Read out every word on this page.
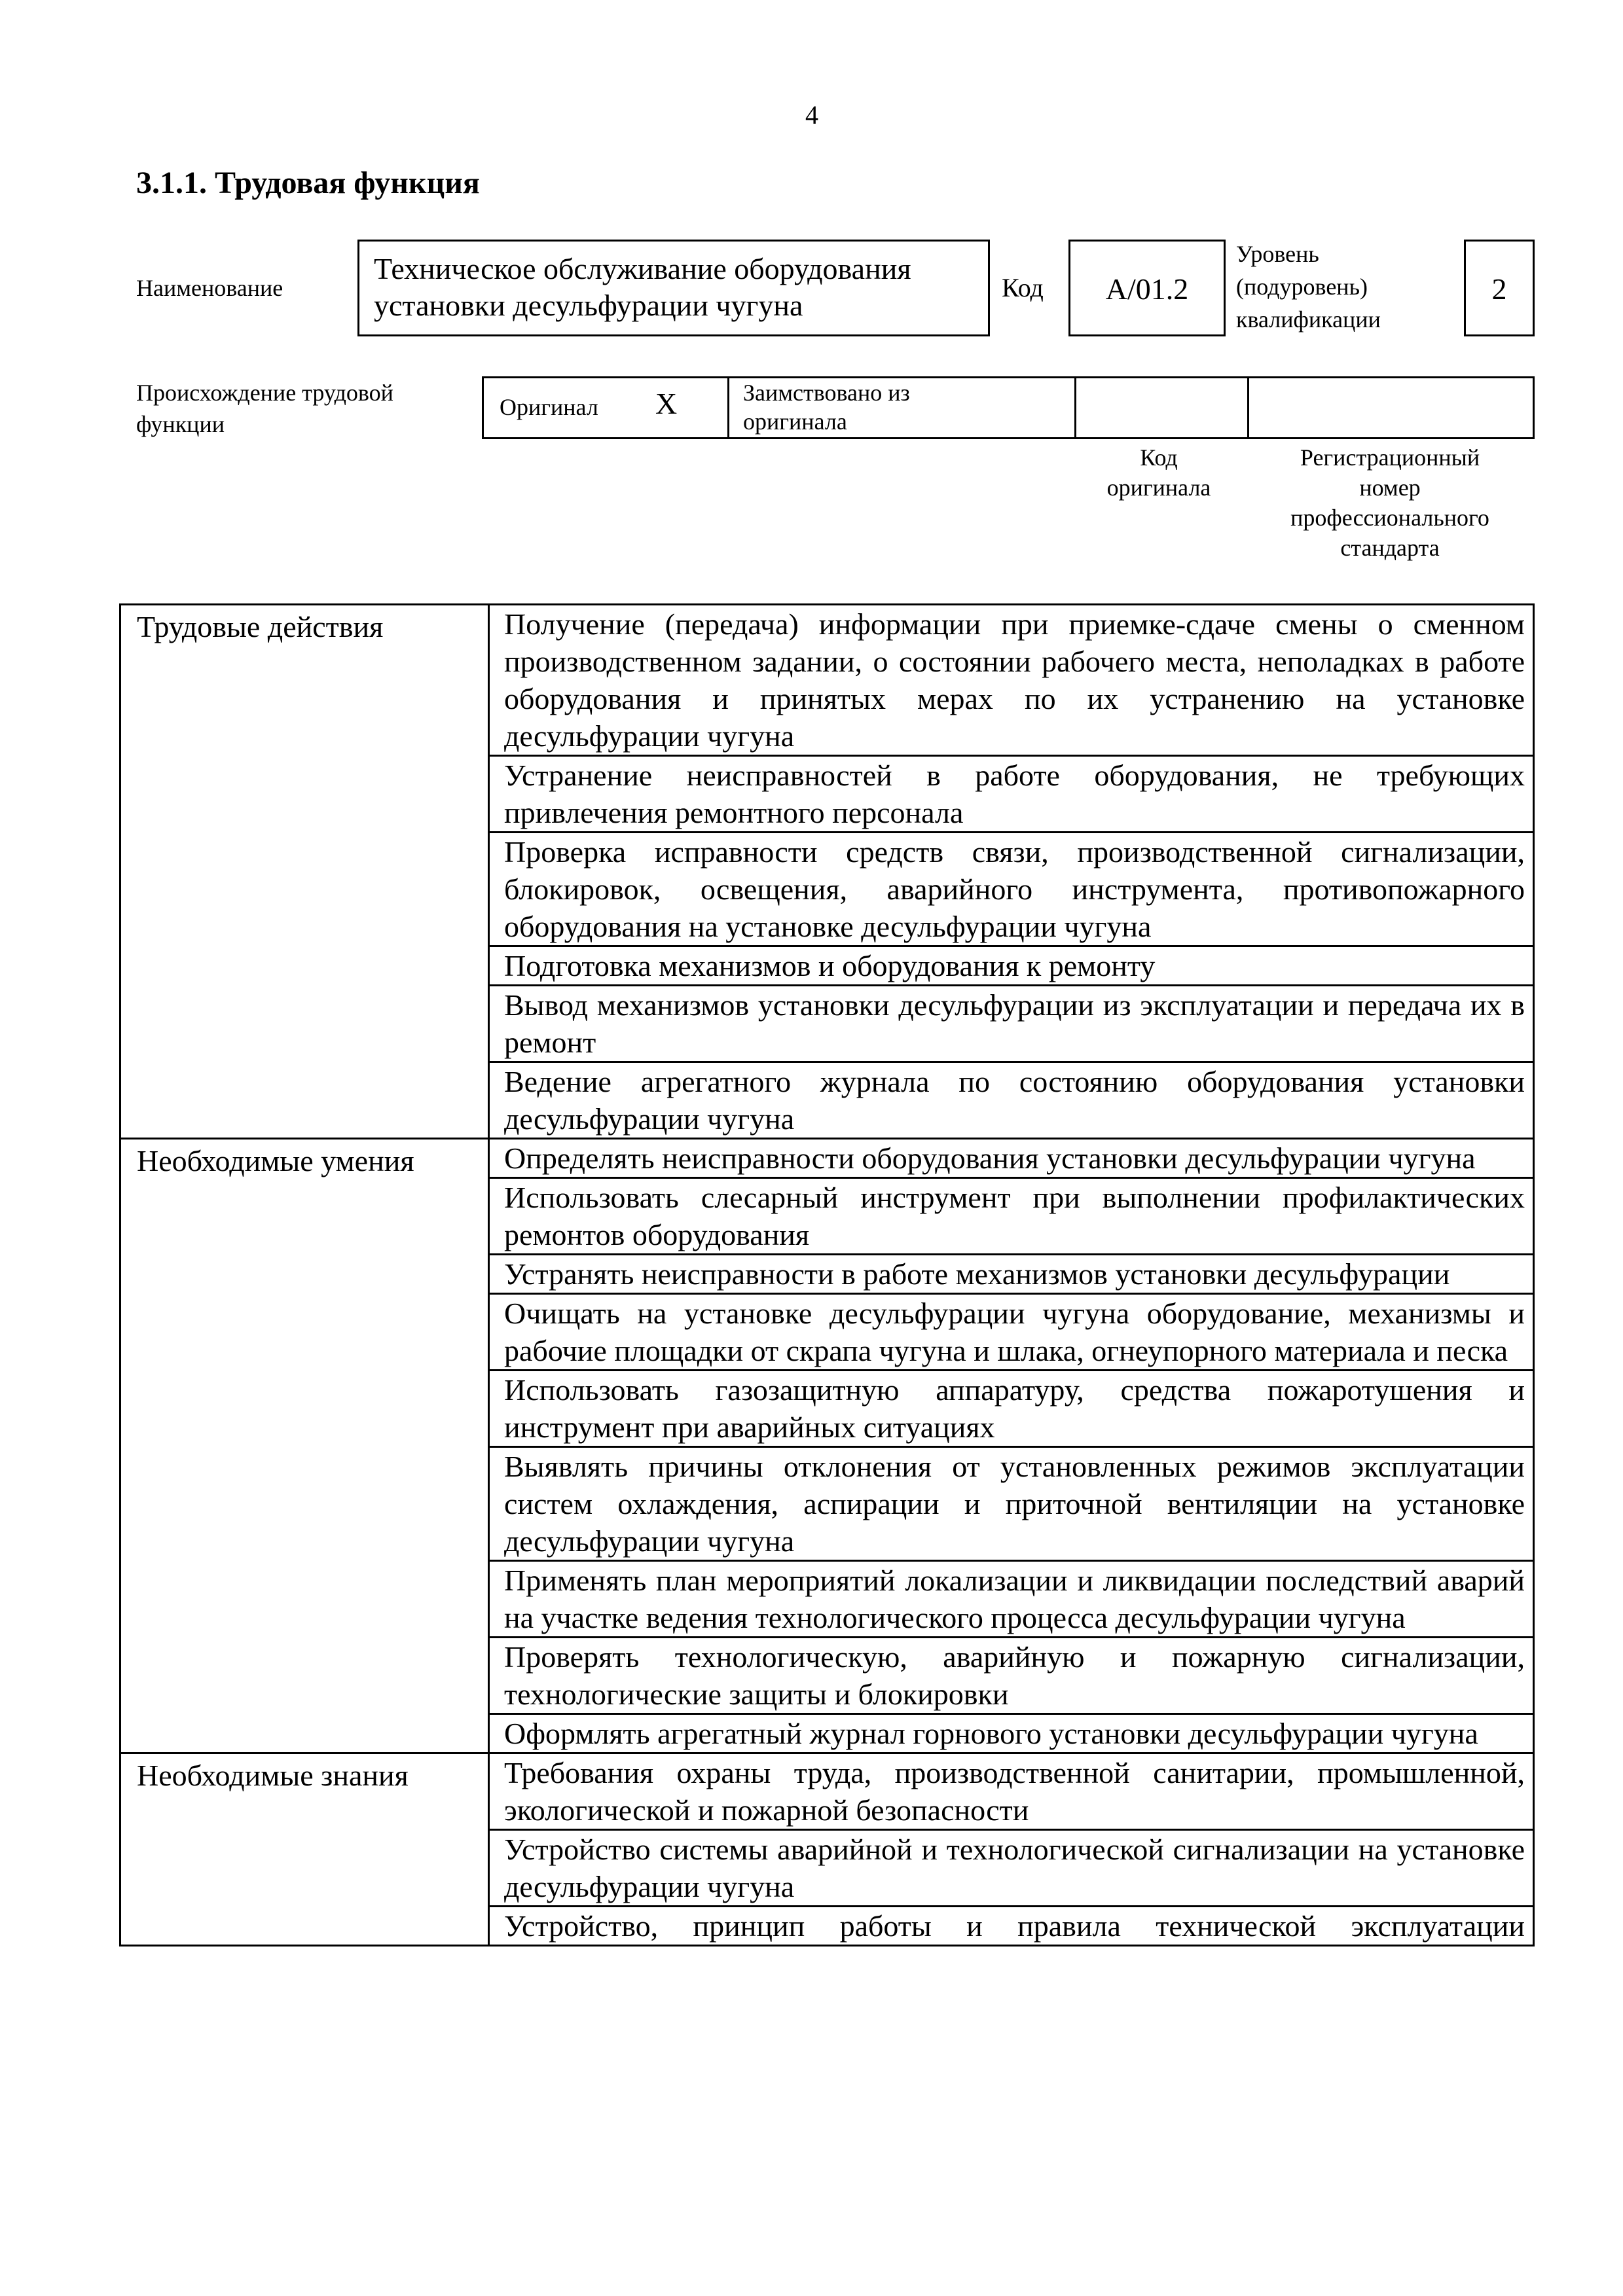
4
3.1.1. Трудовая функция
Наименование
Техническое обслуживание оборудования установки десульфурации чугуна
Код	A/01.2
Уровень
(подуровень)
квалификации
2
Происхождение трудовой
функции
Оригинал X	Заимствовано из
оригинала
Код
оригинала
Регистрационный
номер
профессионального
стандарта
Трудовые действия	Получение (передача) информации при приемке-сдаче смены о сменном производственном задании, о состоянии рабочего места, неполадках в работе оборудования и принятых мерах по их устранению на установке десульфурации чугуна
	Устранение неисправностей в работе оборудования, не требующих привлечения ремонтного персонала
	Проверка исправности средств связи, производственной сигнализации, блокировок, освещения, аварийного инструмента, противопожарного оборудования на установке десульфурации чугуна
	Подготовка механизмов и оборудования к ремонту
	Вывод механизмов установки десульфурации из эксплуатации и передача их в ремонт
	Ведение агрегатного журнала по состоянию оборудования установки десульфурации чугуна
Необходимые умения	Определять неисправности оборудования установки десульфурации чугуна
	Использовать слесарный инструмент при выполнении профилактических ремонтов оборудования
	Устранять неисправности в работе механизмов установки десульфурации
	Очищать на установке десульфурации чугуна оборудование, механизмы и рабочие площадки от скрапа чугуна и шлака, огнеупорного материала и песка
	Использовать газозащитную аппаратуру, средства пожаротушения и инструмент при аварийных ситуациях
	Выявлять причины отклонения от установленных режимов эксплуатации систем охлаждения, аспирации и приточной вентиляции на установке десульфурации чугуна
	Применять план мероприятий локализации и ликвидации последствий аварий на участке ведения технологического процесса десульфурации чугуна
	Проверять технологическую, аварийную и пожарную сигнализации, технологические защиты и блокировки
	Оформлять агрегатный журнал горнового установки десульфурации чугуна
Необходимые знания	Требования охраны труда, производственной санитарии, промышленной, экологической и пожарной безопасности
	Устройство системы аварийной и технологической сигнализации на установке десульфурации чугуна
	Устройство, принцип работы и правила технической эксплуатации
